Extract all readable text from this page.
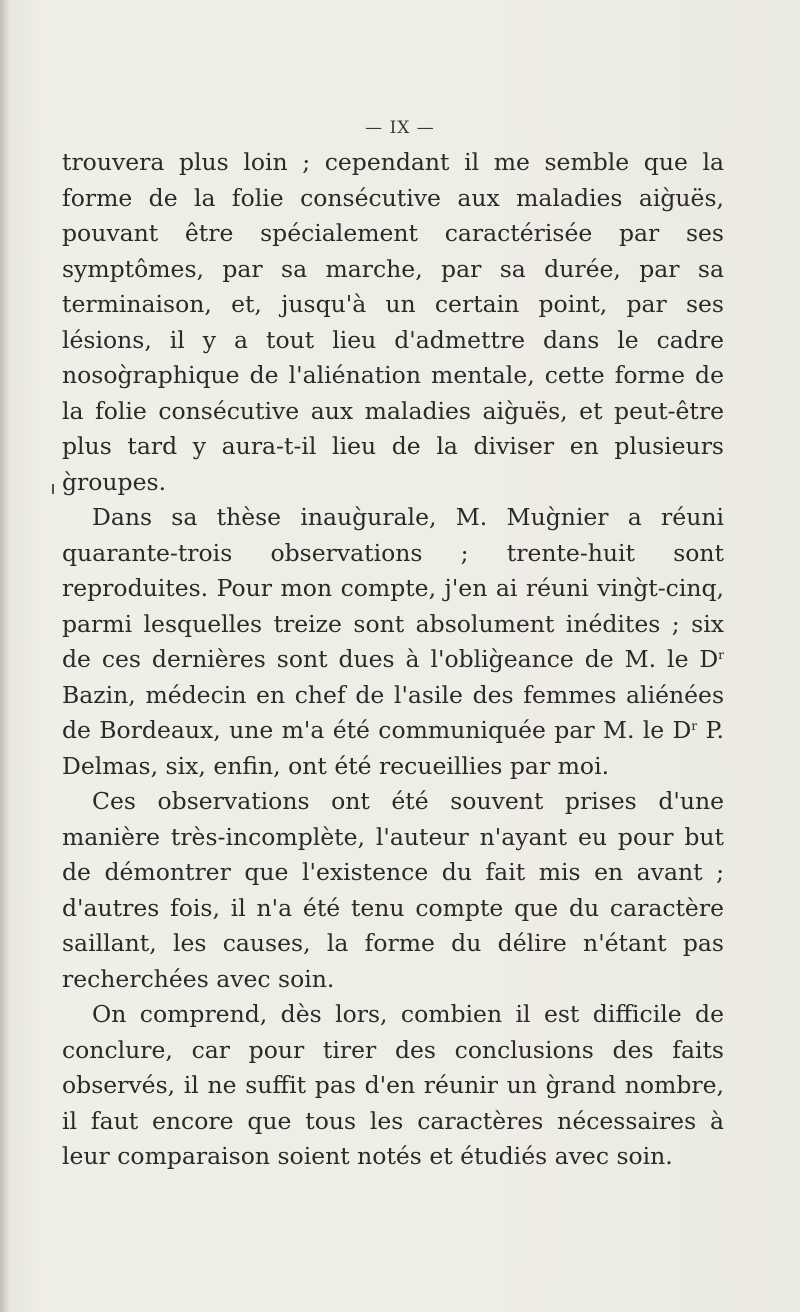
— IX —

trouvera plus loin ; cependant il me semble que la forme de la folie consécutive aux maladies aig̀uës, pouvant être spécialement caractérisée par ses symptômes, par sa marche, par sa durée, par sa terminaison, et, jusqu'à un certain point, par ses lésions, il y a tout lieu d'admettre dans le cadre nosog̀raphique de l'aliénation mentale, cette forme de la folie consécutive aux maladies aig̀uës, et peut-être plus tard y aura-t-il lieu de la diviser en plusieurs g̀roupes.

Dans sa thèse inaug̀urale, M. Mug̀nier a réuni quarante-trois observations ; trente-huit sont reproduites. Pour mon compte, j'en ai réuni ving̀t-cinq, parmi lesquelles treize sont absolument inédites ; six de ces dernières sont dues à l'oblig̀eance de M. le $D^r$ Bazin, médecin en chef de l'asile des femmes aliénées de Bordeaux, une m'a été communiquée par M. le $D^r$ P. Delmas, six, enfin, ont été recueillies par moi.

Ces observations ont été souvent prises d'une manière très-incomplète, l'auteur n'ayant eu pour but de démontrer que l'existence du fait mis en avant ; d'autres fois, il n'a été tenu compte que du caractère saillant, les causes, la forme du délire n'étant pas recherchées avec soin.

On comprend, dès lors, combien il est difficile de conclure, car pour tirer des conclusions des faits observés, il ne suffit pas d'en réunir un g̀rand nombre, il faut encore que tous les caractères nécessaires à leur comparaison soient notés et étudiés avec soin.
